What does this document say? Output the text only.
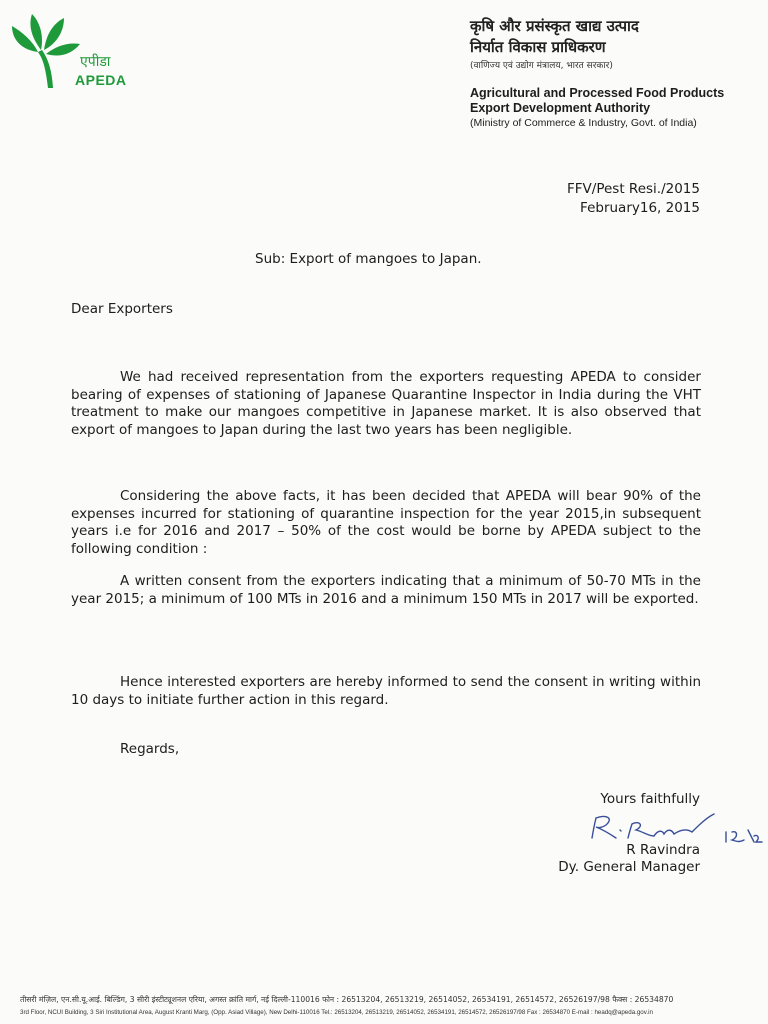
एपीडा
APEDA
कृषि और प्रसंस्कृत खाद्य उत्पाद
निर्यात विकास प्राधिकरण
(वाणिज्य एवं उद्योग मंत्रालय, भारत सरकार)
Agricultural and Processed Food Products
Export Development Authority
(Ministry of Commerce & Industry, Govt. of India)
FFV/Pest Resi./2015
February16, 2015
Sub: Export of mangoes to Japan.
Dear Exporters

We had received representation from the exporters requesting APEDA to consider bearing of expenses of stationing of Japanese Quarantine Inspector in India during the VHT treatment to make our mangoes competitive in Japanese market. It is also observed that export of mangoes to Japan during the last two years has been negligible.

Considering the above facts, it has been decided that APEDA will bear 90% of the expenses incurred for stationing of quarantine inspection for the year 2015,in subsequent years i.e for 2016 and 2017 – 50% of the cost would be borne by APEDA subject to the following condition :

A written consent from the exporters indicating that a minimum of 50-70 MTs in the year 2015; a minimum of 100 MTs in 2016 and a minimum 150 MTs in 2017 will be exported.

Hence interested exporters are hereby informed to send the consent in writing within 10 days to initiate further action in this regard.

Regards,
Yours faithfully
R Ravindra
Dy. General Manager
तीसरी मंज़िल, एन.सी.यू.आई. बिल्डिंग, 3 सीरी इंस्टीट्यूशनल एरिया, अगस्त क्रांति मार्ग, नई दिल्ली-110016 फोन : 26513204, 26513219, 26514052, 26534191, 26514572, 26526197/98 फैक्स : 26534870
3rd Floor, NCUI Building, 3 Siri Institutional Area, August Kranti Marg, (Opp. Asiad Village), New Delhi-110016 Tel.: 26513204, 26513219, 26514052, 26534191, 26514572, 26526197/98 Fax : 26534870 E-mail : headq@apeda.gov.in
